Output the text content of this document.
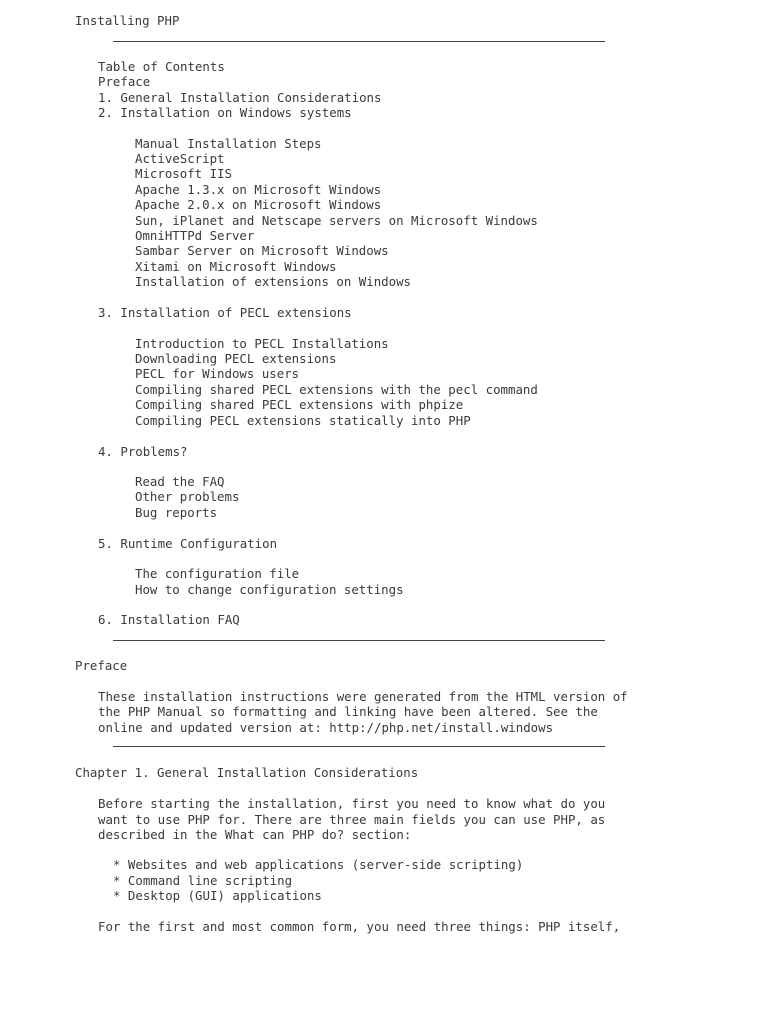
Installing PHP
Table of Contents
Preface
1. General Installation Considerations
2. Installation on Windows systems
Manual Installation Steps
ActiveScript
Microsoft IIS
Apache 1.3.x on Microsoft Windows
Apache 2.0.x on Microsoft Windows
Sun, iPlanet and Netscape servers on Microsoft Windows
OmniHTTPd Server
Sambar Server on Microsoft Windows
Xitami on Microsoft Windows
Installation of extensions on Windows
3. Installation of PECL extensions
Introduction to PECL Installations
Downloading PECL extensions
PECL for Windows users
Compiling shared PECL extensions with the pecl command
Compiling shared PECL extensions with phpize
Compiling PECL extensions statically into PHP
4. Problems?
Read the FAQ
Other problems
Bug reports
5. Runtime Configuration
The configuration file
How to change configuration settings
6. Installation FAQ
Preface
These installation instructions were generated from the HTML version of
the PHP Manual so formatting and linking have been altered. See the
online and updated version at: http://php.net/install.windows
Chapter 1. General Installation Considerations
Before starting the installation, first you need to know what do you
want to use PHP for. There are three main fields you can use PHP, as
described in the What can PHP do? section:
* Websites and web applications (server-side scripting)
* Command line scripting
* Desktop (GUI) applications
For the first and most common form, you need three things: PHP itself,
